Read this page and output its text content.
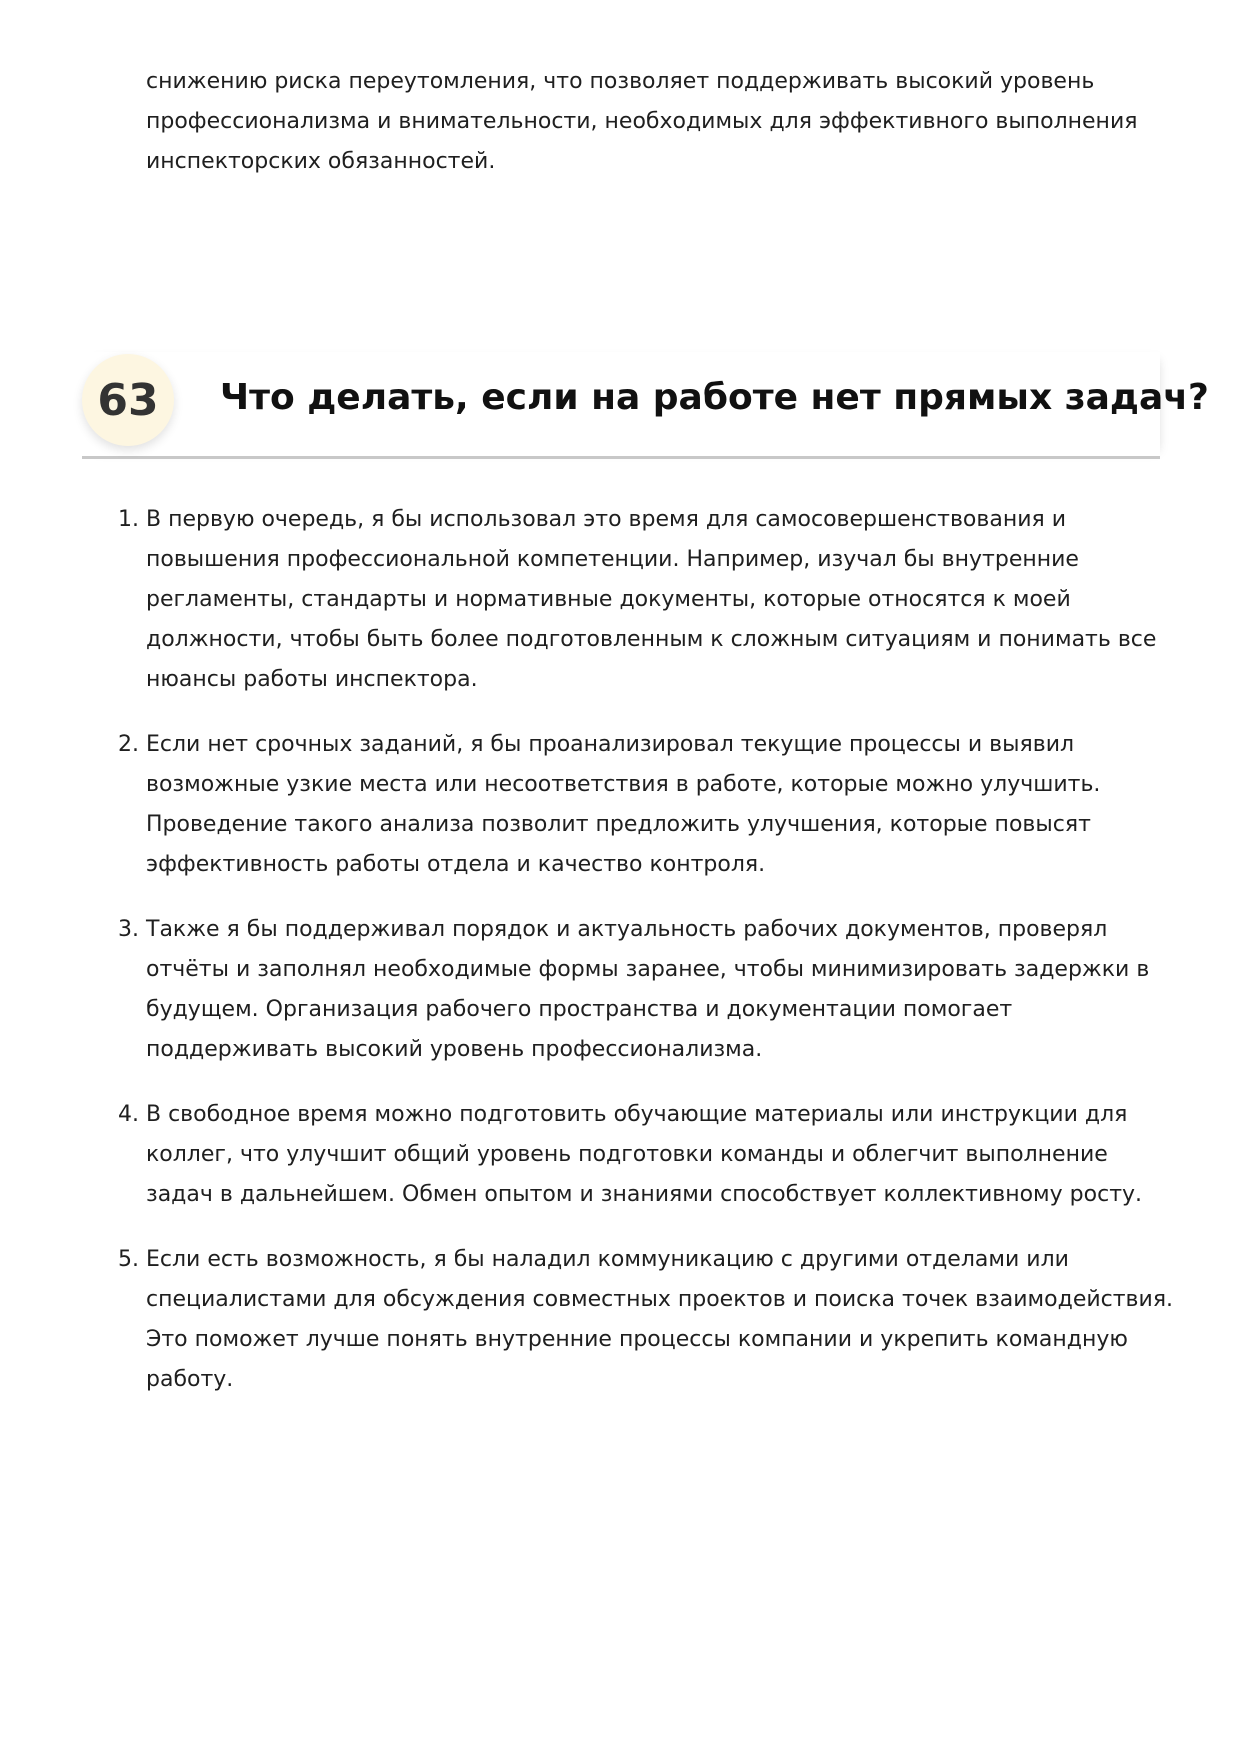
снижению риска переутомления, что позволяет поддерживать высокий уровень
профессионализма и внимательности, необходимых для эффективного выполнения
инспекторских обязанностей.

63	Что делать, если на работе нет прямых задач?
1. В первую очередь, я бы использовал это время для самосовершенствования и
повышения профессиональной компетенции. Например, изучал бы внутренние
регламенты, стандарты и нормативные документы, которые относятся к моей
должности, чтобы быть более подготовленным к сложным ситуациям и понимать все
нюансы работы инспектора.
2. Если нет срочных заданий, я бы проанализировал текущие процессы и выявил
возможные узкие места или несоответствия в работе, которые можно улучшить.
Проведение такого анализа позволит предложить улучшения, которые повысят
эффективность работы отдела и качество контроля.
3. Также я бы поддерживал порядок и актуальность рабочих документов, проверял
отчёты и заполнял необходимые формы заранее, чтобы минимизировать задержки в
будущем. Организация рабочего пространства и документации помогает
поддерживать высокий уровень профессионализма.
4. В свободное время можно подготовить обучающие материалы или инструкции для
коллег, что улучшит общий уровень подготовки команды и облегчит выполнение
задач в дальнейшем. Обмен опытом и знаниями способствует коллективному росту.
5. Если есть возможность, я бы наладил коммуникацию с другими отделами или
специалистами для обсуждения совместных проектов и поиска точек взаимодействия.
Это поможет лучше понять внутренние процессы компании и укрепить командную
работу.
